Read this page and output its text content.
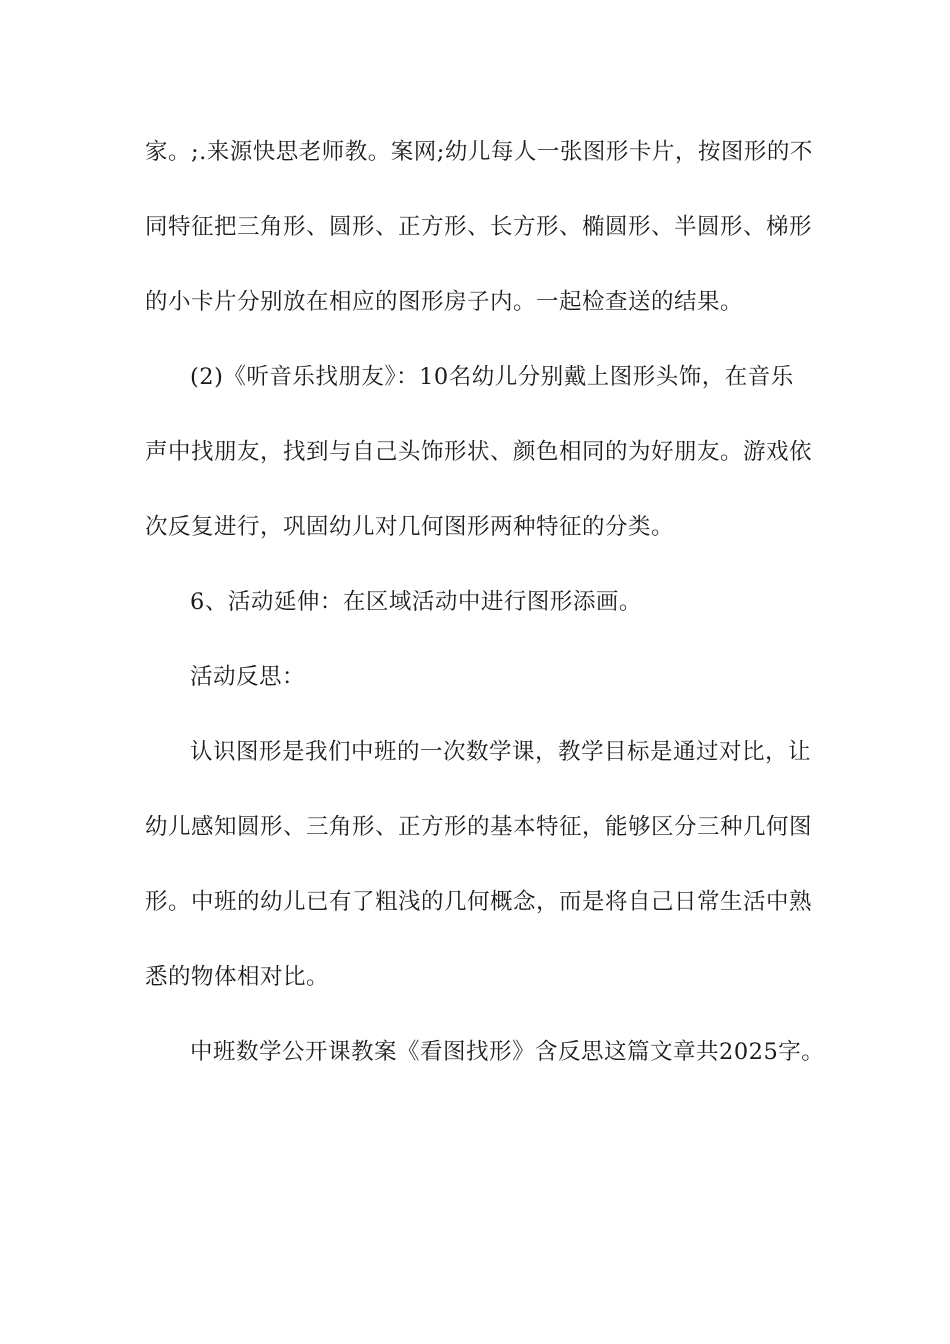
家。;.来源快思老师教。案网;幼儿每人一张图形卡片，按图形的不
同特征把三角形、圆形、正方形、长方形、椭圆形、半圆形、梯形
的小卡片分别放在相应的图形房子内。一起检查送的结果。
(2)《听音乐找朋友》：10名幼儿分别戴上图形头饰，在音乐
声中找朋友，找到与自己头饰形状、颜色相同的为好朋友。游戏依
次反复进行，巩固幼儿对几何图形两种特征的分类。
6、活动延伸：在区域活动中进行图形添画。
活动反思：
认识图形是我们中班的一次数学课，教学目标是通过对比，让
幼儿感知圆形、三角形、正方形的基本特征，能够区分三种几何图
形。中班的幼儿已有了粗浅的几何概念，而是将自己日常生活中熟
悉的物体相对比。
中班数学公开课教案《看图找形》含反思这篇文章共2025字。
